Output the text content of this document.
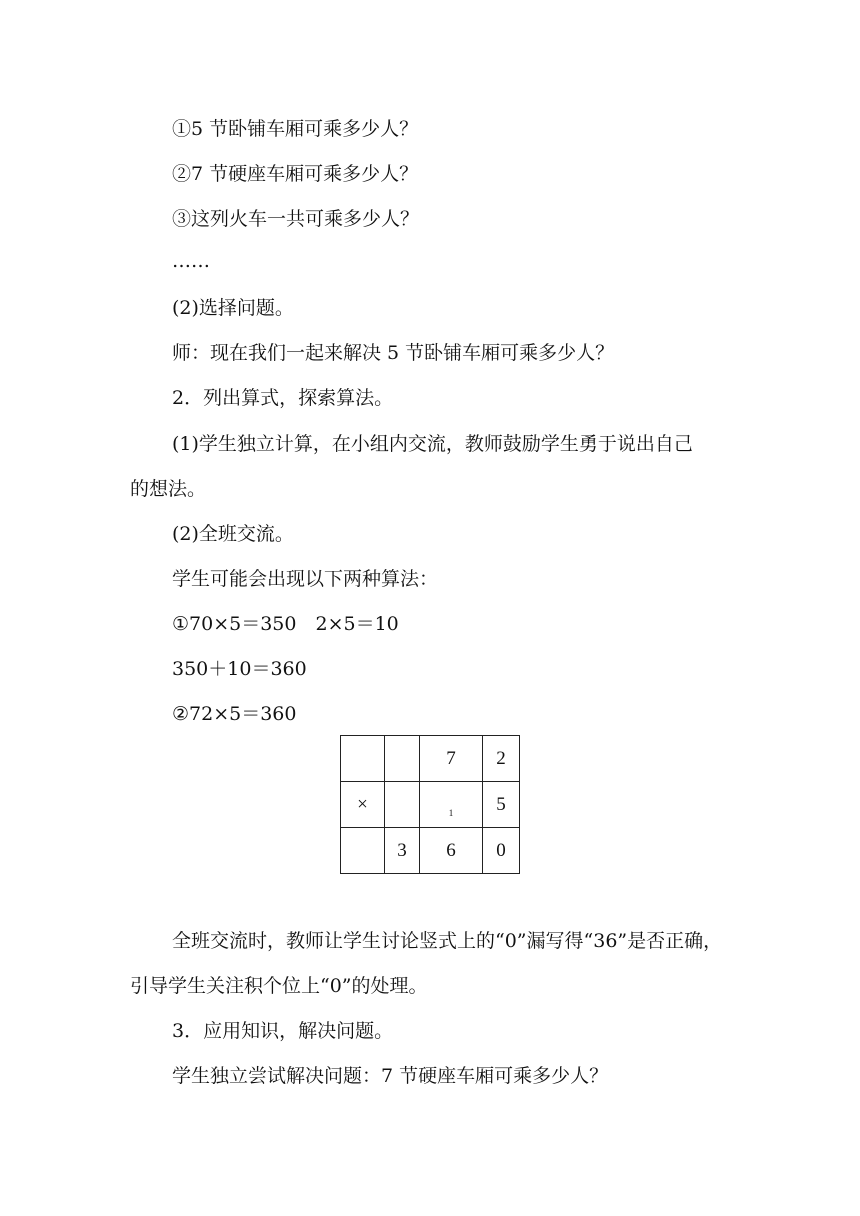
①5 节卧铺车厢可乘多少人？
②7 节硬座车厢可乘多少人？
③这列火车一共可乘多少人？
……
(2)选择问题。
师：现在我们一起来解决 5 节卧铺车厢可乘多少人？
2．列出算式，探索算法。
(1)学生独立计算，在小组内交流，教师鼓励学生勇于说出自己
的想法。
(2)全班交流。
学生可能会出现以下两种算法：
①70×5＝350　2×5＝10
350＋10＝360
②72×5＝360
		7	2
×		$_1$	5
	3	6	0
全班交流时，教师让学生讨论竖式上的“0”漏写得“36”是否正确，
引导学生关注积个位上“0”的处理。
3．应用知识，解决问题。
学生独立尝试解决问题：7 节硬座车厢可乘多少人？
